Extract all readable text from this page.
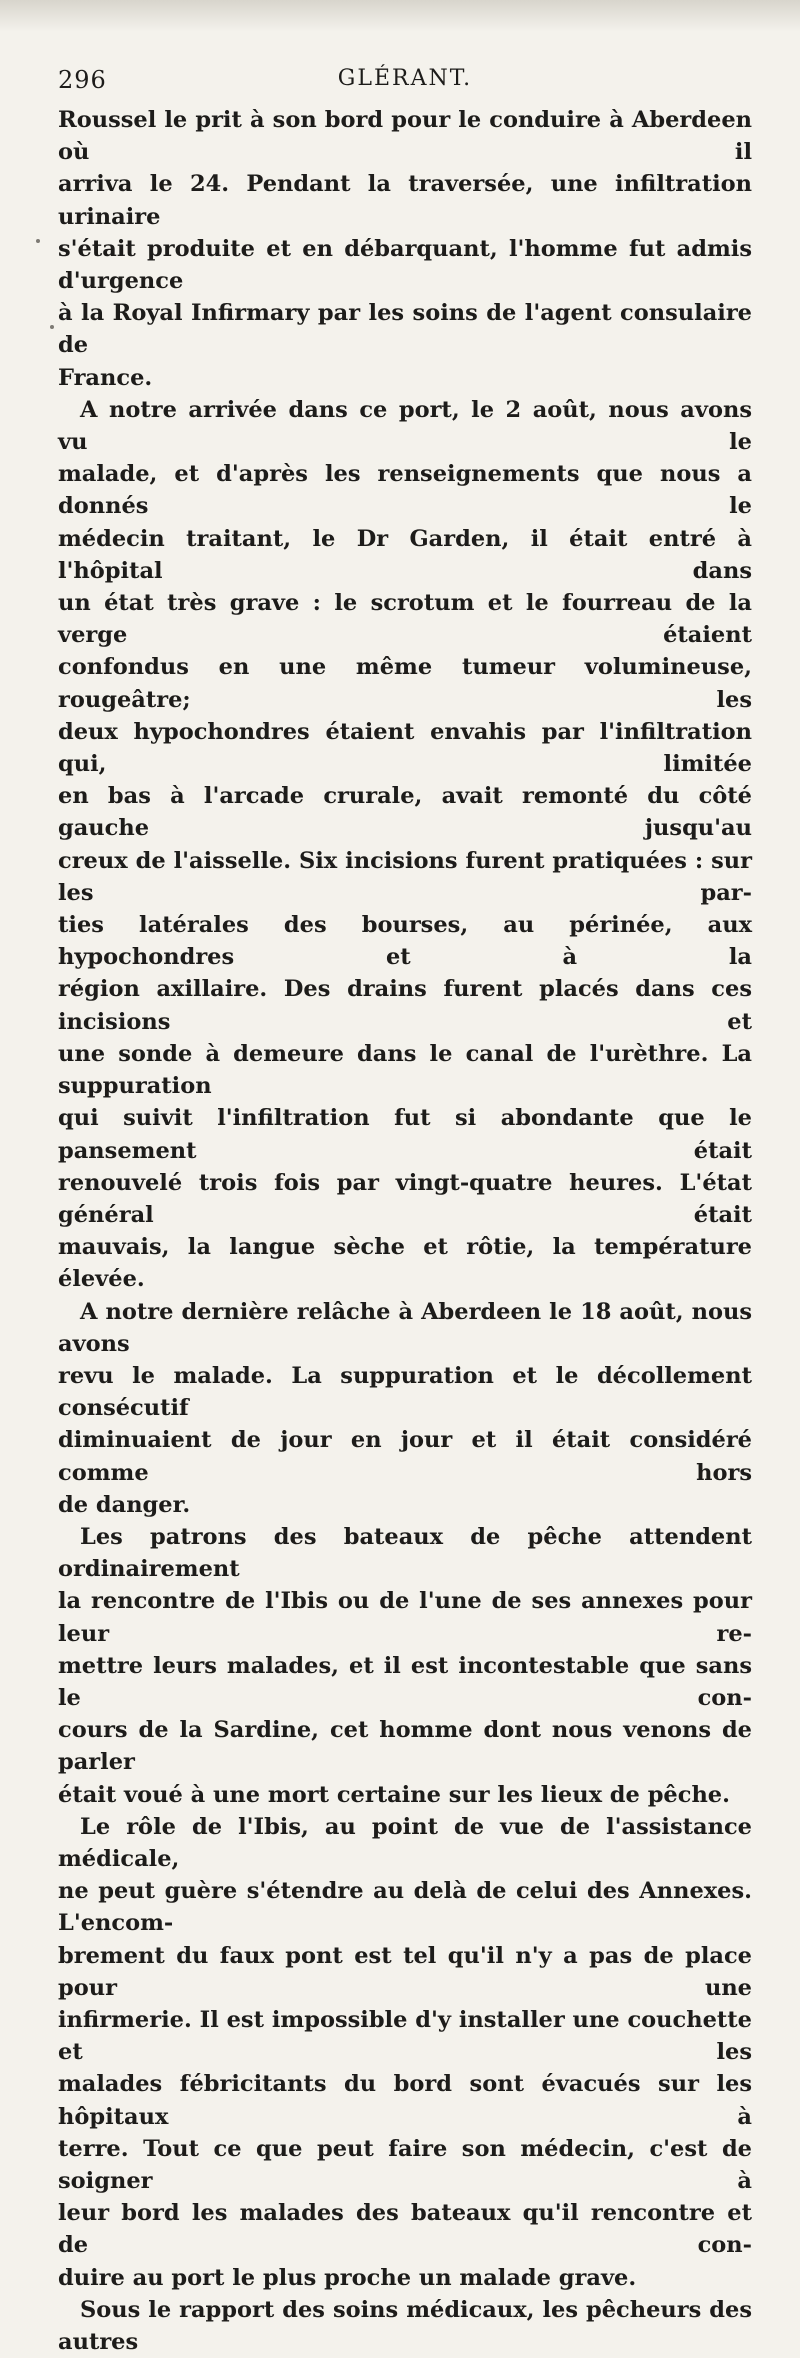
296	GLÉRANT.

Roussel le prit à son bord pour le conduire à Aberdeen où il
arriva le 24. Pendant la traversée, une infiltration urinaire
s'était produite et en débarquant, l'homme fut admis d'urgence
à la Royal Infirmary par les soins de l'agent consulaire de
France.

A notre arrivée dans ce port, le 2 août, nous avons vu le
malade, et d'après les renseignements que nous a donnés le
médecin traitant, le Dr Garden, il était entré à l'hôpital dans
un état très grave : le scrotum et le fourreau de la verge étaient
confondus en une même tumeur volumineuse, rougeâtre; les
deux hypochondres étaient envahis par l'infiltration qui, limitée
en bas à l'arcade crurale, avait remonté du côté gauche jusqu'au
creux de l'aisselle. Six incisions furent pratiquées : sur les par-
ties latérales des bourses, au périnée, aux hypochondres et à la
région axillaire. Des drains furent placés dans ces incisions et
une sonde à demeure dans le canal de l'urèthre. La suppuration
qui suivit l'infiltration fut si abondante que le pansement était
renouvelé trois fois par vingt-quatre heures. L'état général était
mauvais, la langue sèche et rôtie, la température élevée.

A notre dernière relâche à Aberdeen le 18 août, nous avons
revu le malade. La suppuration et le décollement consécutif
diminuaient de jour en jour et il était considéré comme hors
de danger.

Les patrons des bateaux de pêche attendent ordinairement
la rencontre de l'Ibis ou de l'une de ses annexes pour leur re-
mettre leurs malades, et il est incontestable que sans le con-
cours de la Sardine, cet homme dont nous venons de parler
était voué à une mort certaine sur les lieux de pêche.

Le rôle de l'Ibis, au point de vue de l'assistance médicale,
ne peut guère s'étendre au delà de celui des Annexes. L'encom-
brement du faux pont est tel qu'il n'y a pas de place pour une
infirmerie. Il est impossible d'y installer une couchette et les
malades fébricitants du bord sont évacués sur les hôpitaux à
terre. Tout ce que peut faire son médecin, c'est de soigner à
leur bord les malades des bateaux qu'il rencontre et de con-
duire au port le plus proche un malade grave.

Sous le rapport des soins médicaux, les pêcheurs des autres
